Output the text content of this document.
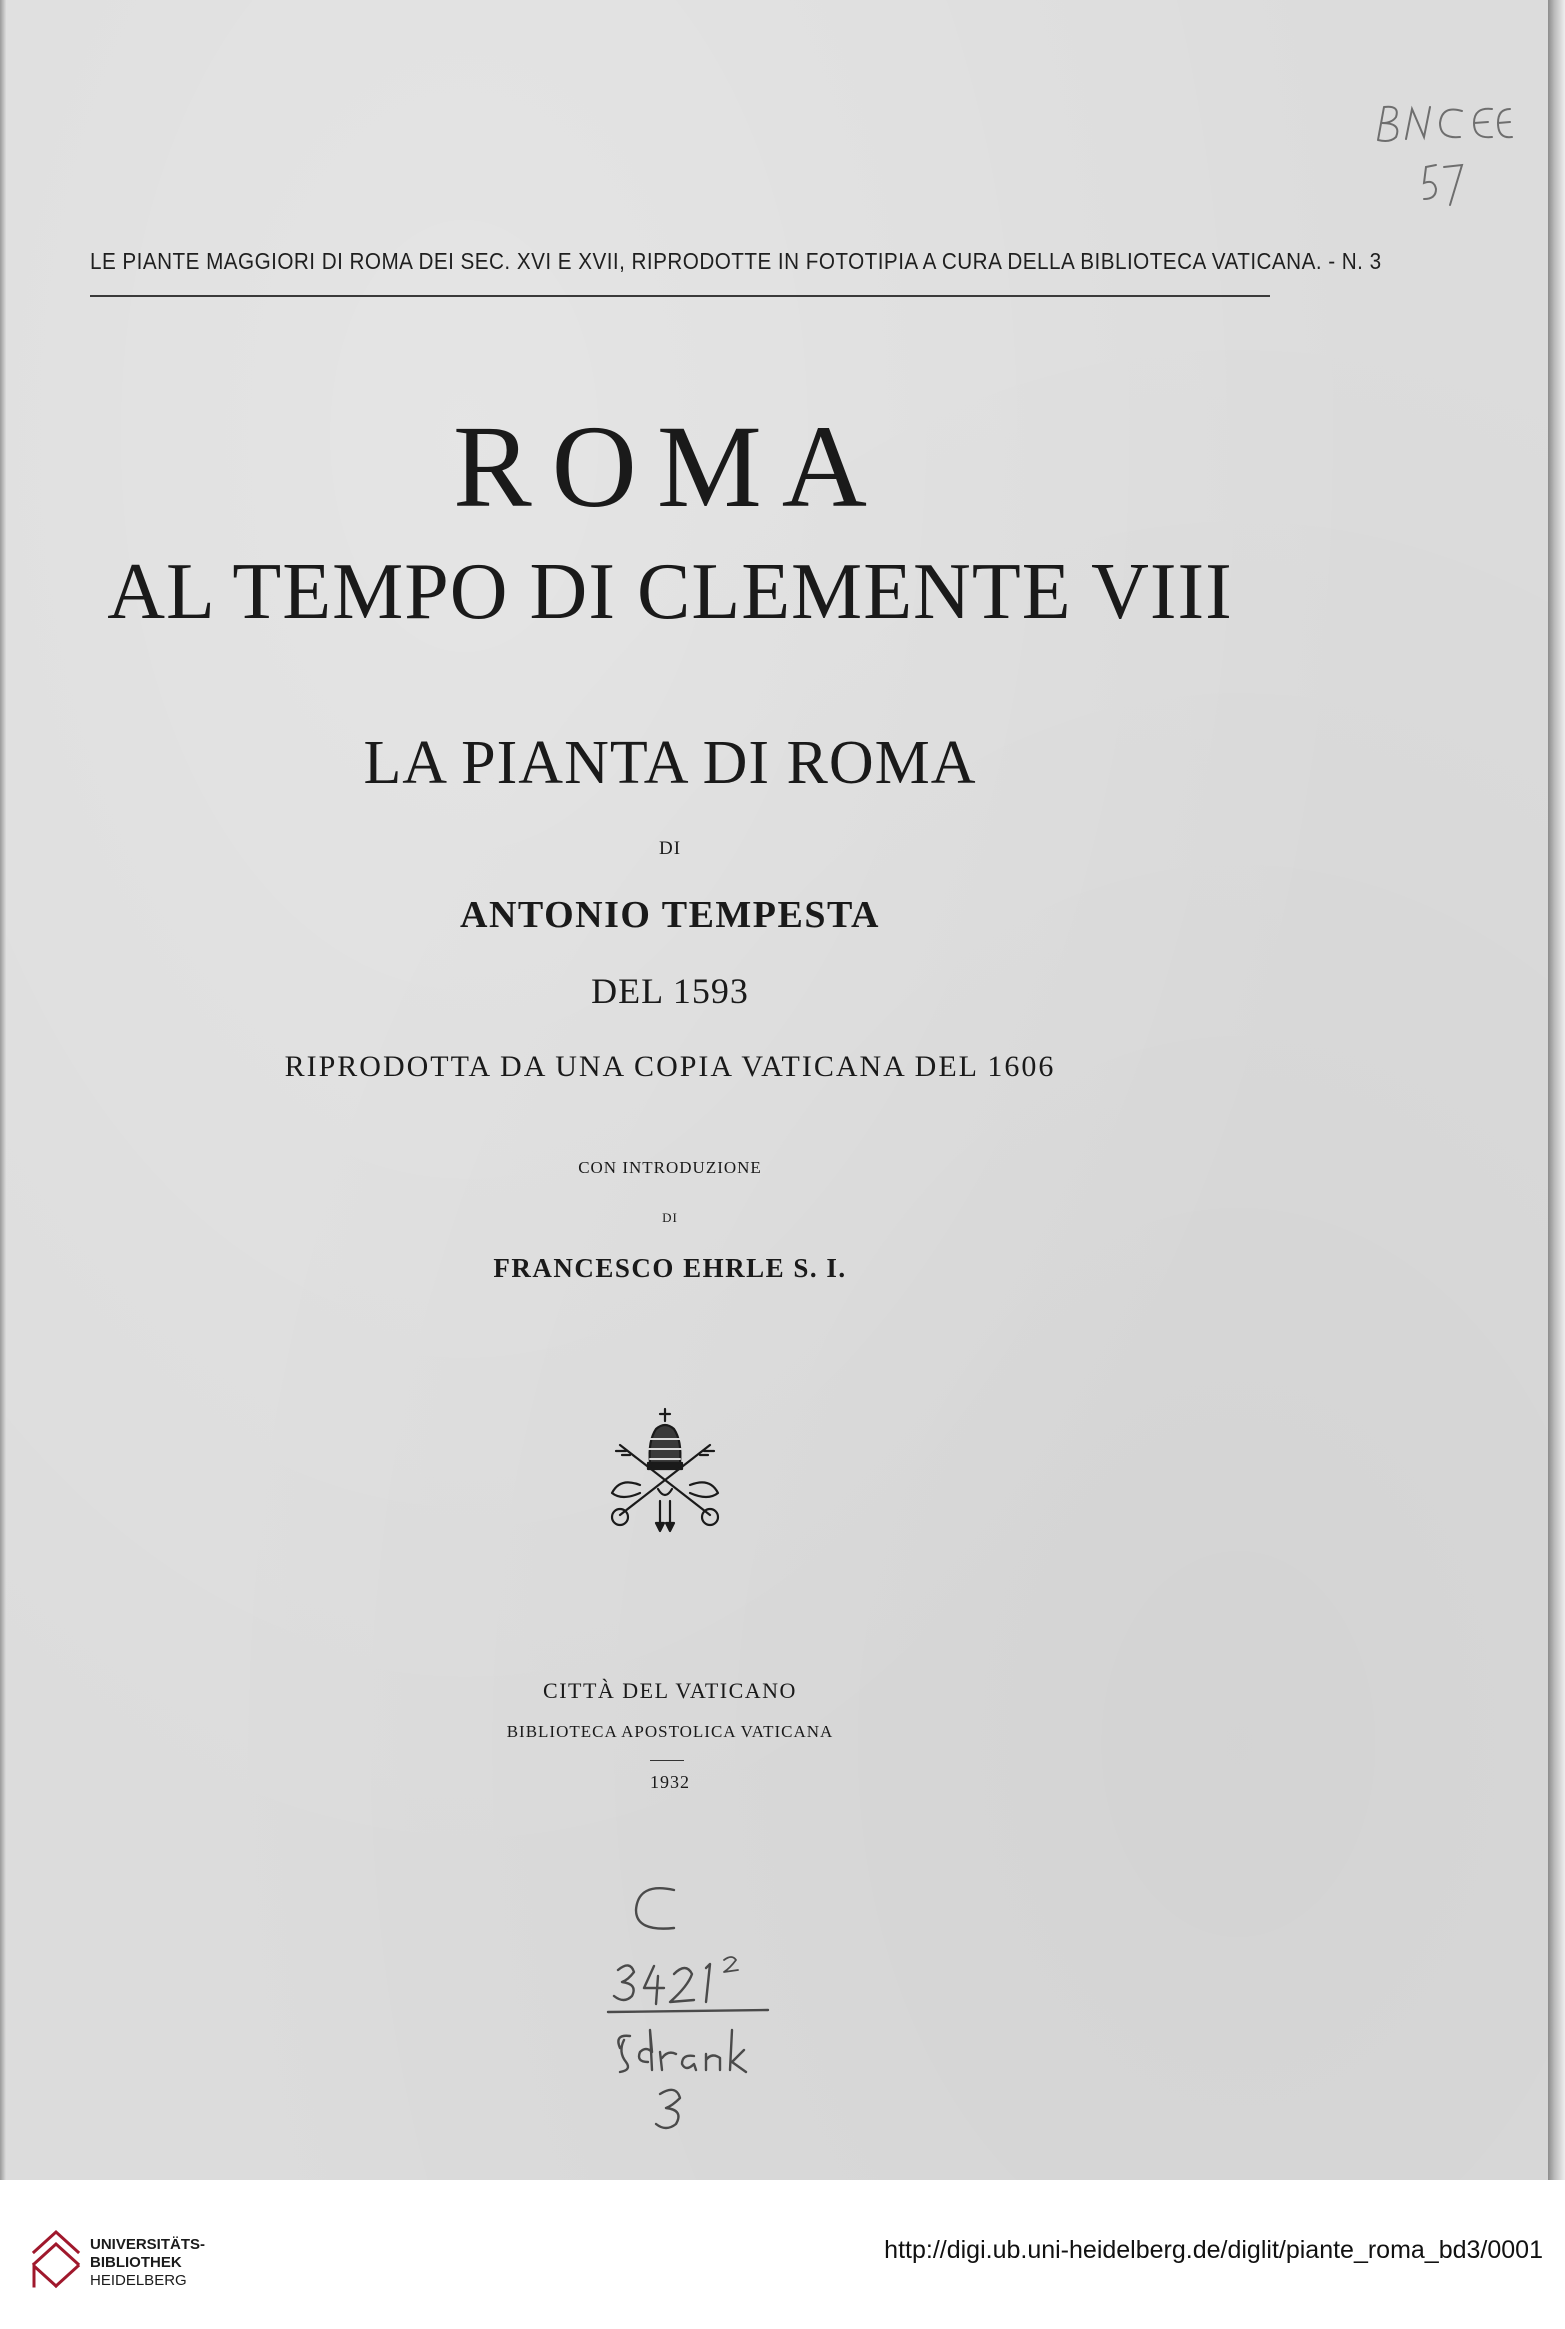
LE PIANTE MAGGIORI DI ROMA DEI SEC. XVI E XVII, RIPRODOTTE IN FOTOTIPIA A CURA DELLA BIBLIOTECA VATICANA. - N. 3
ROMA
AL TEMPO DI CLEMENTE VIII
LA PIANTA DI ROMA
DI
ANTONIO TEMPESTA
DEL 1593
RIPRODOTTA DA UNA COPIA VATICANA DEL 1606
CON INTRODUZIONE
DI
FRANCESCO EHRLE S. I.
CITTÀ DEL VATICANO
BIBLIOTECA APOSTOLICA VATICANA
1932
UNIVERSITÄTS-
BIBLIOTHEK
HEIDELBERG
http://digi.ub.uni-heidelberg.de/diglit/piante_roma_bd3/0001
